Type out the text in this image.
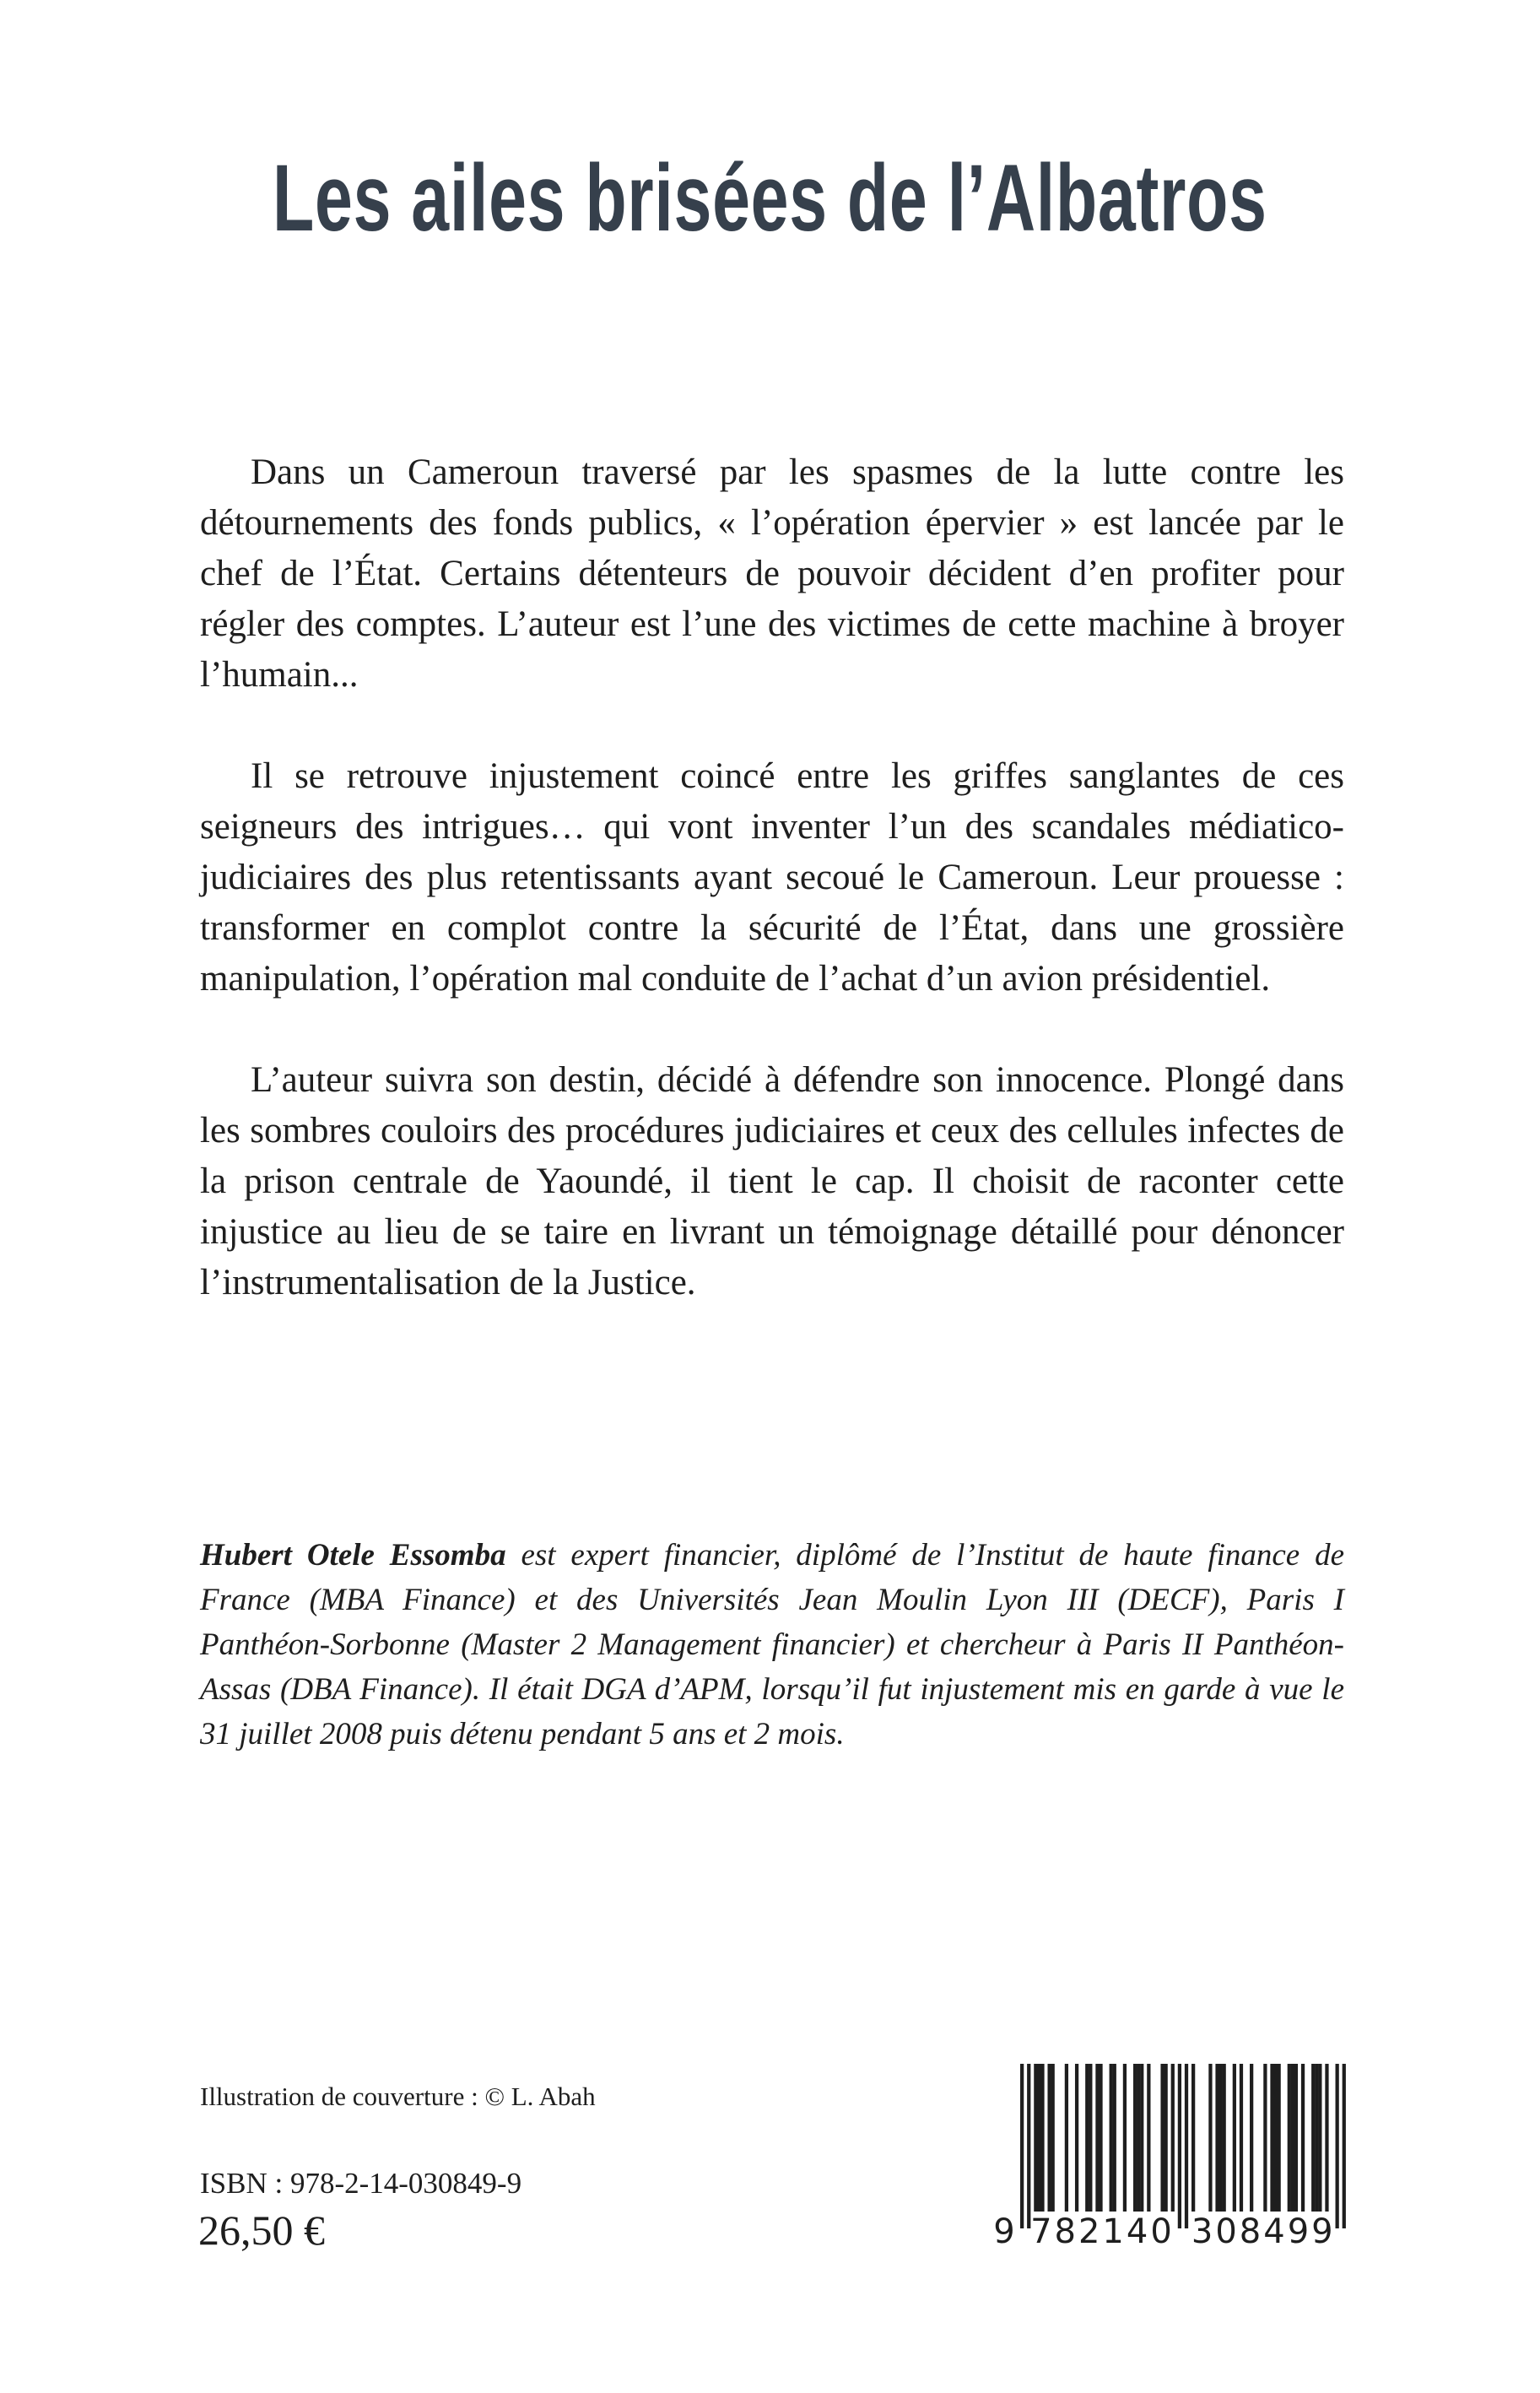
Les ailes brisées de l’Albatros

Dans un Cameroun traversé par les spasmes de la lutte contre les détournements des fonds publics, « l’opération épervier » est lancée par le chef de l’État. Certains détenteurs de pouvoir décident d’en profiter pour régler des comptes. L’auteur est l’une des victimes de cette machine à broyer l’humain...

Il se retrouve injustement coincé entre les griffes sanglantes de ces seigneurs des intrigues… qui vont inventer l’un des scandales médiatico-judiciaires des plus retentissants ayant secoué le Cameroun. Leur prouesse : transformer en complot contre la sécurité de l’État, dans une grossière manipulation, l’opération mal conduite de l’achat d’un avion présidentiel.

L’auteur suivra son destin, décidé à défendre son innocence. Plongé dans les sombres couloirs des procédures judiciaires et ceux des cellules infectes de la prison centrale de Yaoundé, il tient le cap. Il choisit de raconter cette injustice au lieu de se taire en livrant un témoignage détaillé pour dénoncer l’instrumentalisation de la Justice.

Hubert Otele Essomba est expert financier, diplômé de l’Institut de haute finance de France (MBA Finance) et des Universités Jean Moulin Lyon III (DECF), Paris I Panthéon-Sorbonne (Master 2 Management financier) et chercheur à Paris II Panthéon-Assas (DBA Finance). Il était DGA d’APM, lorsqu’il fut injustement mis en garde à vue le 31 juillet 2008 puis détenu pendant 5 ans et 2 mois.
Illustration de couverture : © L. Abah
ISBN : 978-2-14-030849-9
26,50 €	9 782140 308499
